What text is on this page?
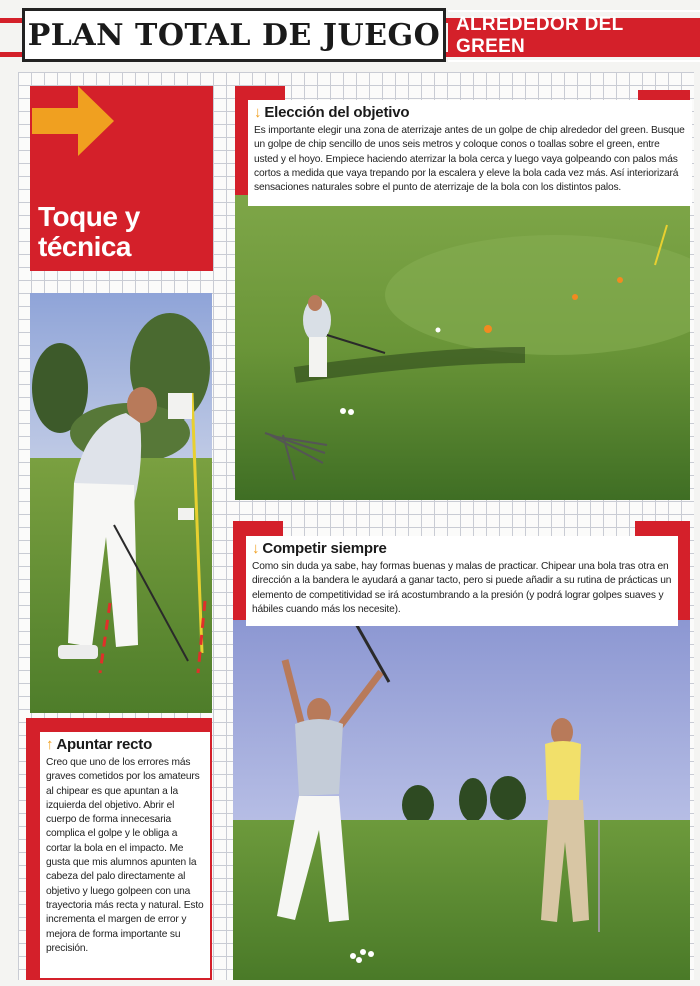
PLAN TOTAL DE JUEGO ALREDEDOR DEL GREEN
Toque y
técnica
↓ Elección del objetivo

Es importante elegir una zona de aterrizaje antes de un golpe de chip alrededor del green. Busque un golpe de chip sencillo de unos seis metros y coloque conos o toallas sobre el green, entre usted y el hoyo. Empiece haciendo aterrizar la bola cerca y luego vaya golpeando con palos más cortos a medida que vaya trepando por la escalera y eleve la bola cada vez más. Así interiorizará sensaciones naturales sobre el punto de aterrizaje de la bola con los distintos palos.

↓ Competir siempre

Como sin duda ya sabe, hay formas buenas y malas de practicar. Chipear una bola tras otra en dirección a la bandera le ayudará a ganar tacto, pero si puede añadir a su rutina de prácticas un elemento de competitividad se irá acostumbrando a la presión (y podrá lograr golpes suaves y hábiles cuando más los necesite).

↑ Apuntar recto

Creo que uno de los errores más graves cometidos por los amateurs al chipear es que apuntan a la izquierda del objetivo. Abrir el cuerpo de forma innecesaria complica el golpe y le obliga a cortar la bola en el impacto. Me gusta que mis alumnos apunten la cabeza del palo directamente al objetivo y luego golpeen con una trayectoria más recta y natural. Esto incrementa el margen de error y mejora de forma importante su precisión.
